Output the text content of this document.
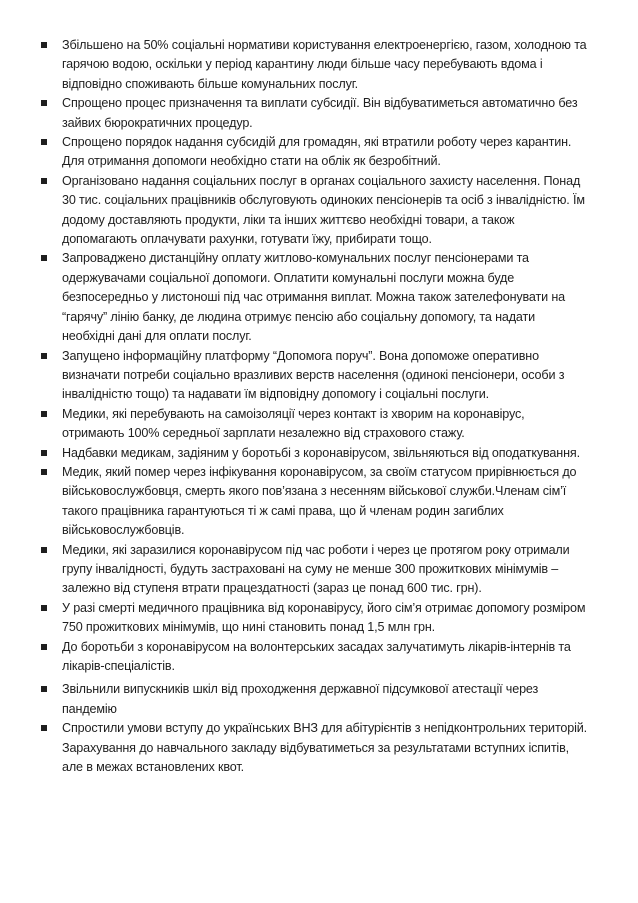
Збільшено на 50% соціальні нормативи користування електроенергією, газом, холодною та гарячою водою, оскільки у період карантину люди більше часу перебувають вдома і відповідно споживають більше комунальних послуг.
Спрощено процес призначення та виплати субсидії. Він відбуватиметься автоматично без зайвих бюрократичних процедур.
Спрощено порядок надання субсидій для громадян, які втратили роботу через карантин. Для отримання допомоги необхідно стати на облік як безробітний.
Організовано надання соціальних послуг в органах соціального захисту населення. Понад 30 тис. соціальних працівників обслуговують одиноких пенсіонерів та осіб з інвалідністю. Їм додому доставляють продукти, ліки та інших життєво необхідні товари, а також допомагають оплачувати рахунки, готувати їжу, прибирати тощо.
Запроваджено дистанційну оплату житлово-комунальних послуг пенсіонерами та одержувачами соціальної допомоги. Оплатити комунальні послуги можна буде безпосередньо у листоноші під час отримання виплат. Можна також зателефонувати на “гарячу” лінію банку, де людина отримує пенсію або соціальну допомогу, та надати необхідні дані для оплати послуг.
Запущено інформаційну платформу “Допомога поруч”. Вона допоможе оперативно визначати потреби соціально вразливих верств населення (одинокі пенсіонери, особи з інвалідністю тощо) та надавати їм відповідну допомогу і соціальні послуги.
Медики, які перебувають на самоізоляції через контакт із хворим на коронавірус, отримають 100% середньої зарплати незалежно від страхового стажу.
Надбавки медикам, задіяним у боротьбі з коронавірусом, звільняються від оподаткування.
Медик, який помер через інфікування коронавірусом, за своїм статусом прирівнюється до військовослужбовця, смерть якого пов’язана з несенням військової служби.Членам сім’ї такого працівника гарантуються ті ж самі права, що й членам родин загиблих військовослужбовців.
Медики, які заразилися коронавірусом під час роботи і через це протягом року отримали групу інвалідності, будуть застраховані на суму не менше 300 прожиткових мінімумів – залежно від ступеня втрати працездатності (зараз це понад 600 тис. грн).
У разі смерті медичного працівника від коронавірусу, його сім’я отримає допомогу розміром 750 прожиткових мінімумів, що нині становить понад 1,5 млн грн.
До боротьби з коронавірусом на волонтерських засадах залучатимуть лікарів-інтернів та лікарів-спеціалістів.
Звільнили випускників шкіл від проходження державної підсумкової атестації через пандемію
Спростили умови вступу до українських ВНЗ для абітурієнтів з непідконтрольних територій. Зарахування до навчального закладу відбуватиметься за результатами вступних іспитів, але в межах встановлених квот.
